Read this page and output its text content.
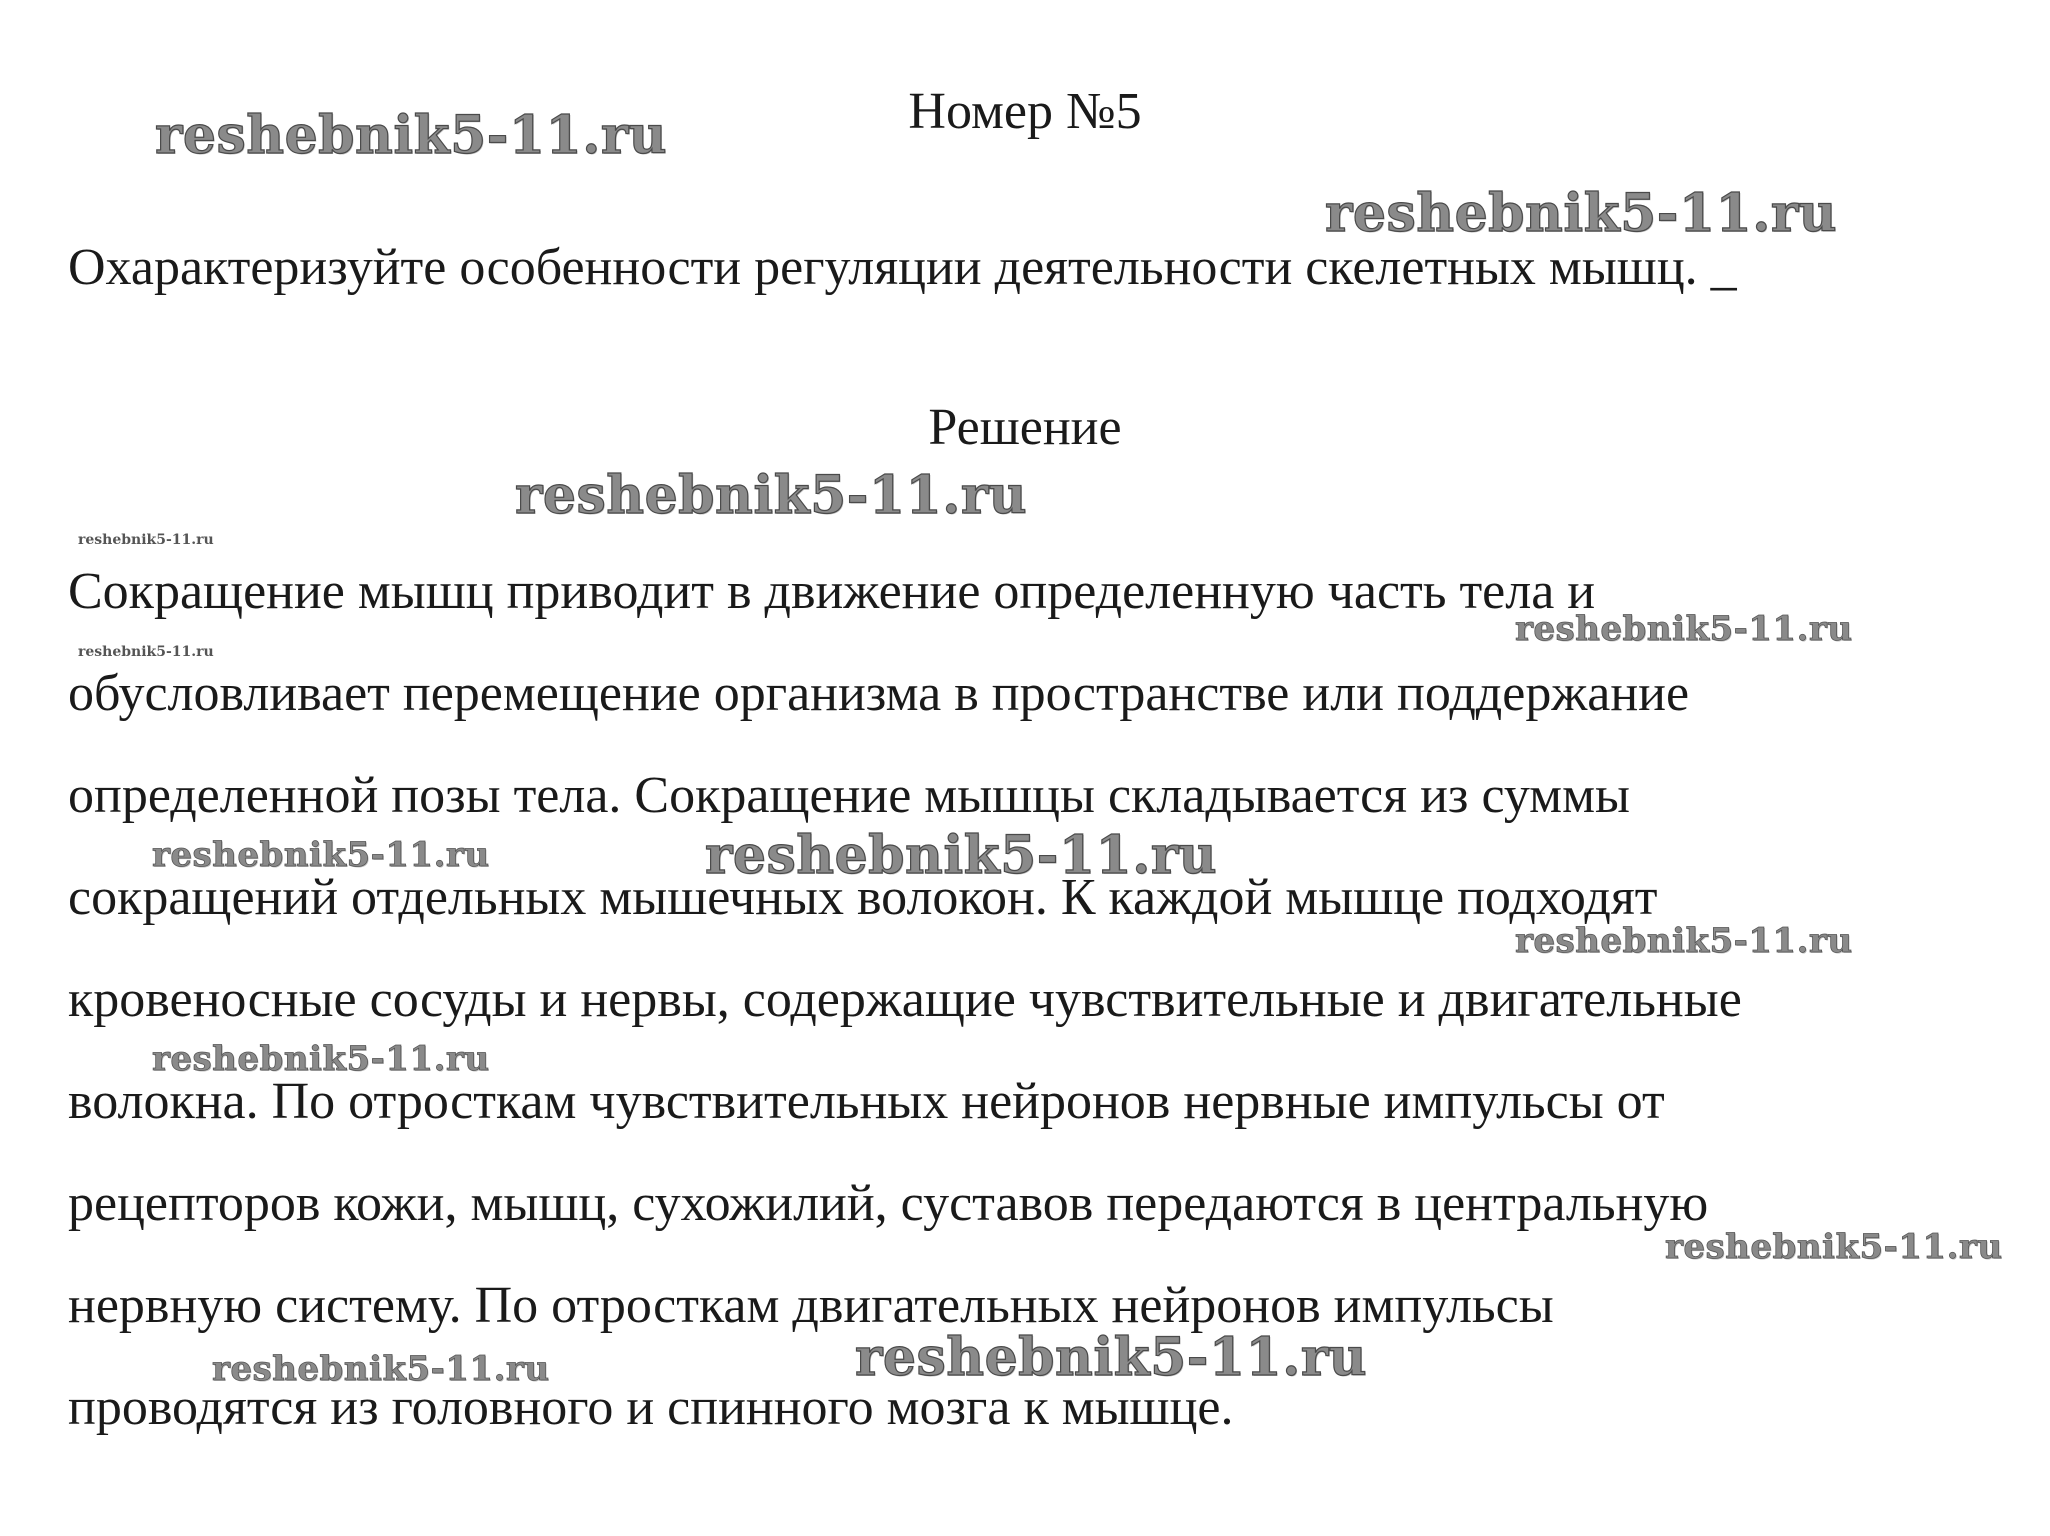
Номер №5
Охарактеризуйте особенности регуляции деятельности скелетных мышц. _
Решение
Сокращение мышц приводит в движение определенную часть тела и
обусловливает перемещение организма в пространстве или поддержание
определенной позы тела. Сокращение мышцы складывается из суммы
сокращений отдельных мышечных волокон. К каждой мышце подходят
кровеносные сосуды и нервы, содержащие чувствительные и двигательные
волокна. По отросткам чувствительных нейронов нервные импульсы от
рецепторов кожи, мышц, сухожилий, суставов передаются в центральную
нервную систему. По отросткам двигательных нейронов импульсы
проводятся из головного и спинного мозга к мышце.
reshebnik5-11.ru
reshebnik5-11.ru
reshebnik5-11.ru
reshebnik5-11.ru
reshebnik5-11.ru
reshebnik5-11.ru
reshebnik5-11.ru
reshebnik5-11.ru
reshebnik5-11.ru
reshebnik5-11.ru
reshebnik5-11.ru
reshebnik5-11.ru
reshebnik5-11.ru
